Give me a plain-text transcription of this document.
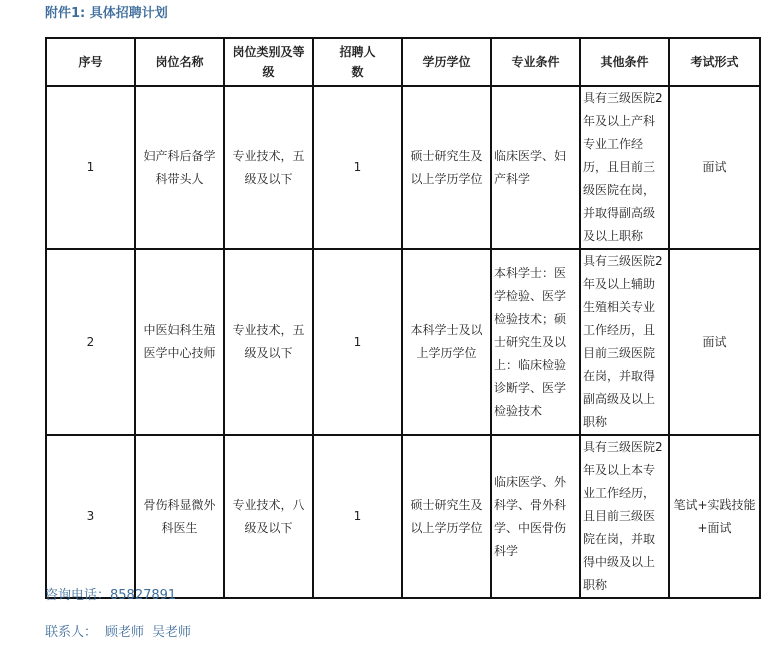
附件1: 具体招聘计划
序号	岗位名称	岗位类别及等级	招聘人数	学历学位	专业条件	其他条件	考试形式
1	妇产科后备学科带头人	专业技术，五级及以下	1	硕士研究生及以上学历学位	临床医学、妇产科学	具有三级医院2年及以上产科专业工作经历，且目前三级医院在岗，并取得副高级及以上职称	面试
2	中医妇科生殖医学中心技师	专业技术，五级及以下	1	本科学士及以上学历学位	本科学士：医学检验、医学检验技术；硕士研究生及以上：临床检验诊断学、医学检验技术	具有三级医院2年及以上辅助生殖相关专业工作经历，且目前三级医院在岗，并取得副高级及以上职称	面试
3	骨伤科显微外科医生	专业技术，八级及以下	1	硕士研究生及以上学历学位	临床医学、外科学、骨外科学、中医骨伤科学	具有三级医院2年及以上本专业工作经历，且目前三级医院在岗，并取得中级及以上职称	笔试+实践技能+面试
咨询电话：85827891
联系人： 顾老师 吴老师
